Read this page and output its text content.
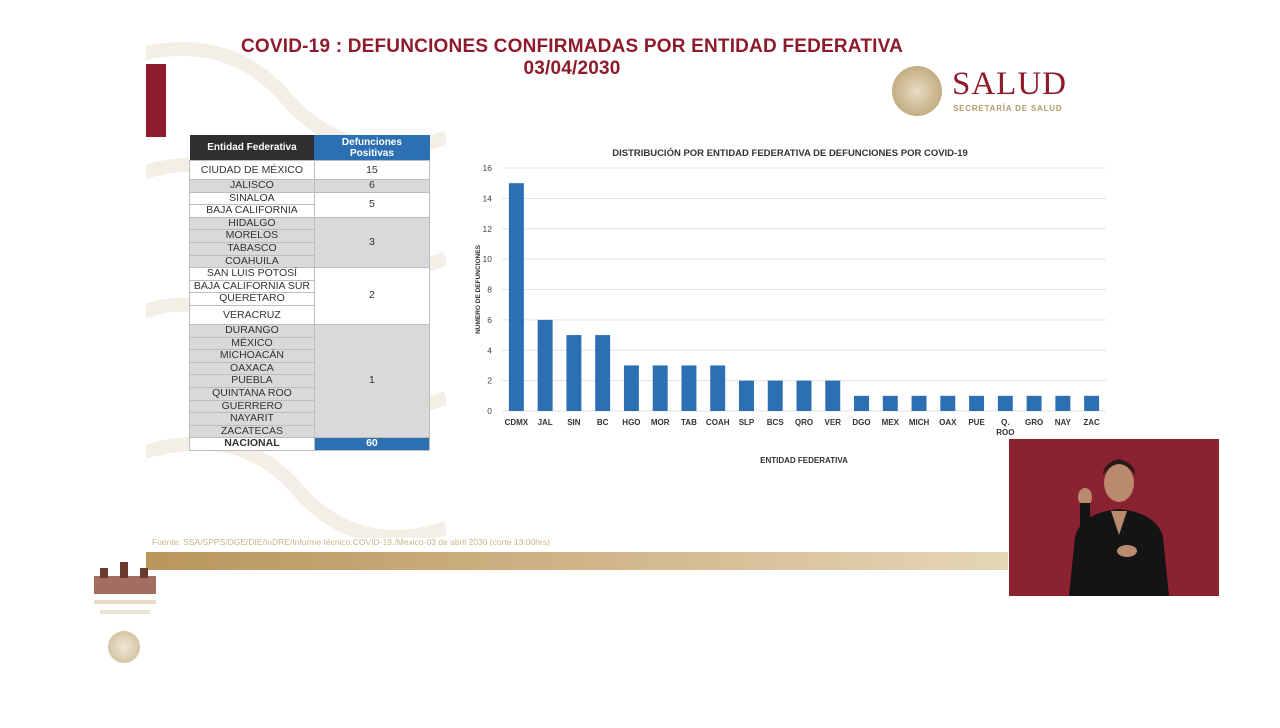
COVID-19 : DEFUNCIONES CONFIRMADAS POR ENTIDAD FEDERATIVA
03/04/2030	SALUD
SECRETARÍA DE SALUD
Entidad Federativa	Defunciones
Positivas
CIUDAD DE MÉXICO	15
JALISCO	6
SINALOA	5
BAJA CALIFORNIA	
HIDALGO	3
MORELOS	
TABASCO	
COAHUILA	
SAN LUIS POTOSÍ	2
BAJA CALIFORNIA SUR	
QUERETARO	
VERACRUZ	
DURANGO	1
MÉXICO	
MICHOACÁN	
OAXACA	
PUEBLA	
QUINTANA ROO	
GUERRERO	
NAYARIT	
ZACATECAS	
NACIONAL	60
DISTRIBUCIÓN POR ENTIDAD FEDERATIVA DE DEFUNCIONES POR COVID-19
0
2
4
6
8
10
12
14
16
CDMX JAL SIN BC HGO MOR TAB COAH SLP BCS QRO VER DGO MEX MICH OAX PUE Q.
ROO
GRO NAY ZAC
ENTIDAD FEDERATIVA
NUMERO DE DEFUNCIONES
Fuente: SSA/SPPS/DGE/DIE/InDRE/Informe técnico.COVID-19./Mexico-03 de abril 2030 (corte 13:00hrs)
